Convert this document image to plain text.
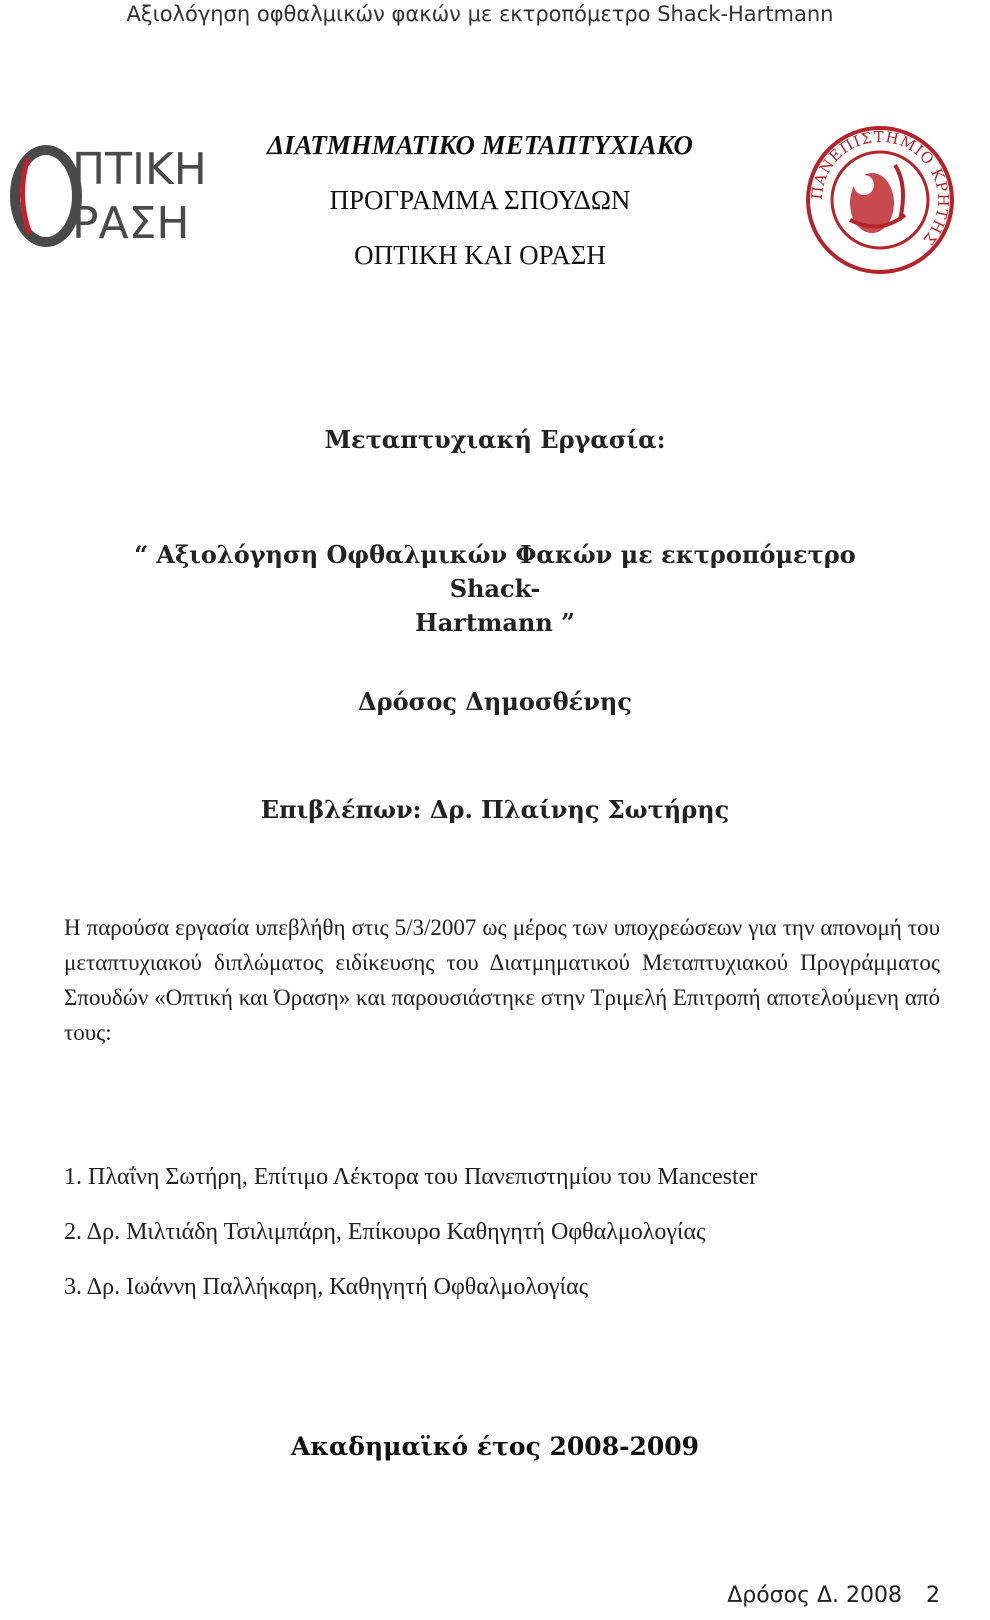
Αξιολόγηση οφθαλμικών φακών με εκτροπόμετρο Shack-Hartmann
ΠΤΙΚΗ
ΡΑΣΗ
ΔΙΑΤΜΗΜΑΤΙΚΟ ΜΕΤΑΠΤΥΧΙΑΚΟ
ΠΡΟΓΡΑΜΜΑ ΣΠΟΥΔΩΝ
ΟΠΤΙΚΗ ΚΑΙ ΟΡΑΣΗ
ΠΑΝΕΠΙΣΤΗΜΙΟ ΚΡΗΤΗΣ
Μεταπτυχιακή Εργασία:
“ Αξιολόγηση Οφθαλμικών Φακών με εκτροπόμετρο Shack-
Hartmann ”
Δρόσος Δημοσθένης
Επιβλέπων: Δρ. Πλαίνης Σωτήρης
Η παρούσα εργασία υπεβλήθη στις 5/3/2007 ως μέρος των υποχρεώσεων για την απονομή του μεταπτυχιακού διπλώματος ειδίκευσης του Διατμηματικού Μεταπτυχιακού Προγράμματος Σπουδών «Οπτική και Όραση» και παρουσιάστηκε στην Τριμελή Επιτροπή αποτελούμενη από τους:
1. Πλαΐνη Σωτήρη, Επίτιμο Λέκτορα του Πανεπιστημίου του Mancester
2. Δρ. Μιλτιάδη Τσιλιμπάρη, Επίκουρο Καθηγητή Οφθαλμολογίας
3. Δρ. Ιωάννη Παλλήκαρη, Καθηγητή Οφθαλμολογίας
Ακαδημαϊκό έτος 2008-2009
Δρόσος Δ. 2008 2
